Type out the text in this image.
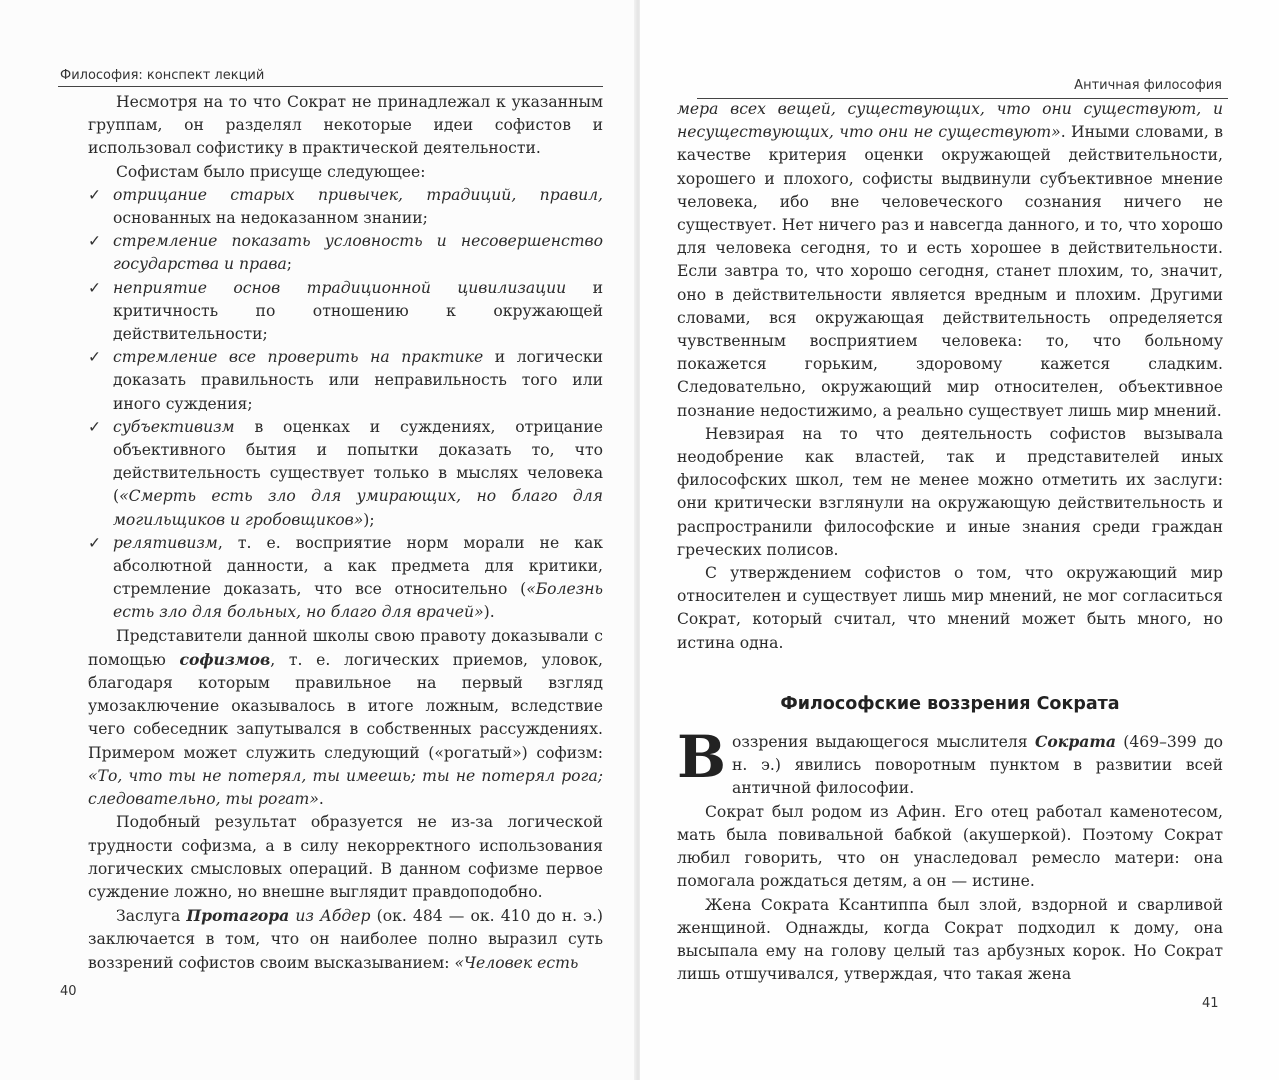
Философия: конспект лекций

Несмотря на то что Сократ не принадлежал к указанным группам, он разделял некоторые идеи софистов и использовал софистику в практической деятельности.

Софистам было присуще следующее:

✓ отрицание старых привычек, традиций, правил, основанных на недоказанном знании;
✓ стремление показать условность и несовершенство государства и права;
✓ неприятие основ традиционной цивилизации и критичность по отношению к окружающей действительности;
✓ стремление все проверить на практике и логически доказать правильность или неправильность того или иного суждения;
✓ субъективизм в оценках и суждениях, отрицание объективного бытия и попытки доказать то, что действительность существует только в мыслях человека («Смерть есть зло для умирающих, но благо для могильщиков и гробовщиков»);
✓ релятивизм, т. е. восприятие норм морали не как абсолютной данности, а как предмета для критики, стремление доказать, что все относительно («Болезнь есть зло для больных, но благо для врачей»).

Представители данной школы свою правоту доказывали с помощью софизмов, т. е. логических приемов, уловок, благодаря которым правильное на первый взгляд умозаключение оказывалось в итоге ложным, вследствие чего собеседник запутывался в собственных рассуждениях. Примером может служить следующий («рогатый») софизм: «То, что ты не потерял, ты имеешь; ты не потерял рога; следовательно, ты рогат».

Подобный результат образуется не из-за логической трудности софизма, а в силу некорректного использования логических смысловых операций. В данном софизме первое суждение ложно, но внешне выглядит правдоподобно.

Заслуга Протагора из Абдер (ок. 484 — ок. 410 до н. э.) заключается в том, что он наиболее полно выразил суть воззрений софистов своим высказыванием: «Человек есть

40
Античная философия

мера всех вещей, существующих, что они существуют, и несуществующих, что они не существуют». Иными словами, в качестве критерия оценки окружающей действительности, хорошего и плохого, софисты выдвинули субъективное мнение человека, ибо вне человеческого сознания ничего не существует. Нет ничего раз и навсегда данного, и то, что хорошо для человека сегодня, то и есть хорошее в действительности. Если завтра то, что хорошо сегодня, станет плохим, то, значит, оно в действительности является вредным и плохим. Другими словами, вся окружающая действительность определяется чувственным восприятием человека: то, что больному покажется горьким, здоровому кажется сладким. Следовательно, окружающий мир относителен, объективное познание недостижимо, а реально существует лишь мир мнений.

Невзирая на то что деятельность софистов вызывала неодобрение как властей, так и представителей иных философских школ, тем не менее можно отметить их заслуги: они критически взглянули на окружающую действительность и распространили философские и иные знания среди граждан греческих полисов.

С утверждением софистов о том, что окружающий мир относителен и существует лишь мир мнений, не мог согласиться Сократ, который считал, что мнений может быть много, но истина одна.

Философские воззрения Сократа

Воззрения выдающегося мыслителя Сократа (469–399 до н. э.) явились поворотным пунктом в развитии всей античной философии.

Сократ был родом из Афин. Его отец работал каменотесом, мать была повивальной бабкой (акушеркой). Поэтому Сократ любил говорить, что он унаследовал ремесло матери: она помогала рождаться детям, а он — истине.

Жена Сократа Ксантиппа был злой, вздорной и сварливой женщиной. Однажды, когда Сократ подходил к дому, она высыпала ему на голову целый таз арбузных корок. Но Сократ лишь отшучивался, утверждая, что такая жена

41
